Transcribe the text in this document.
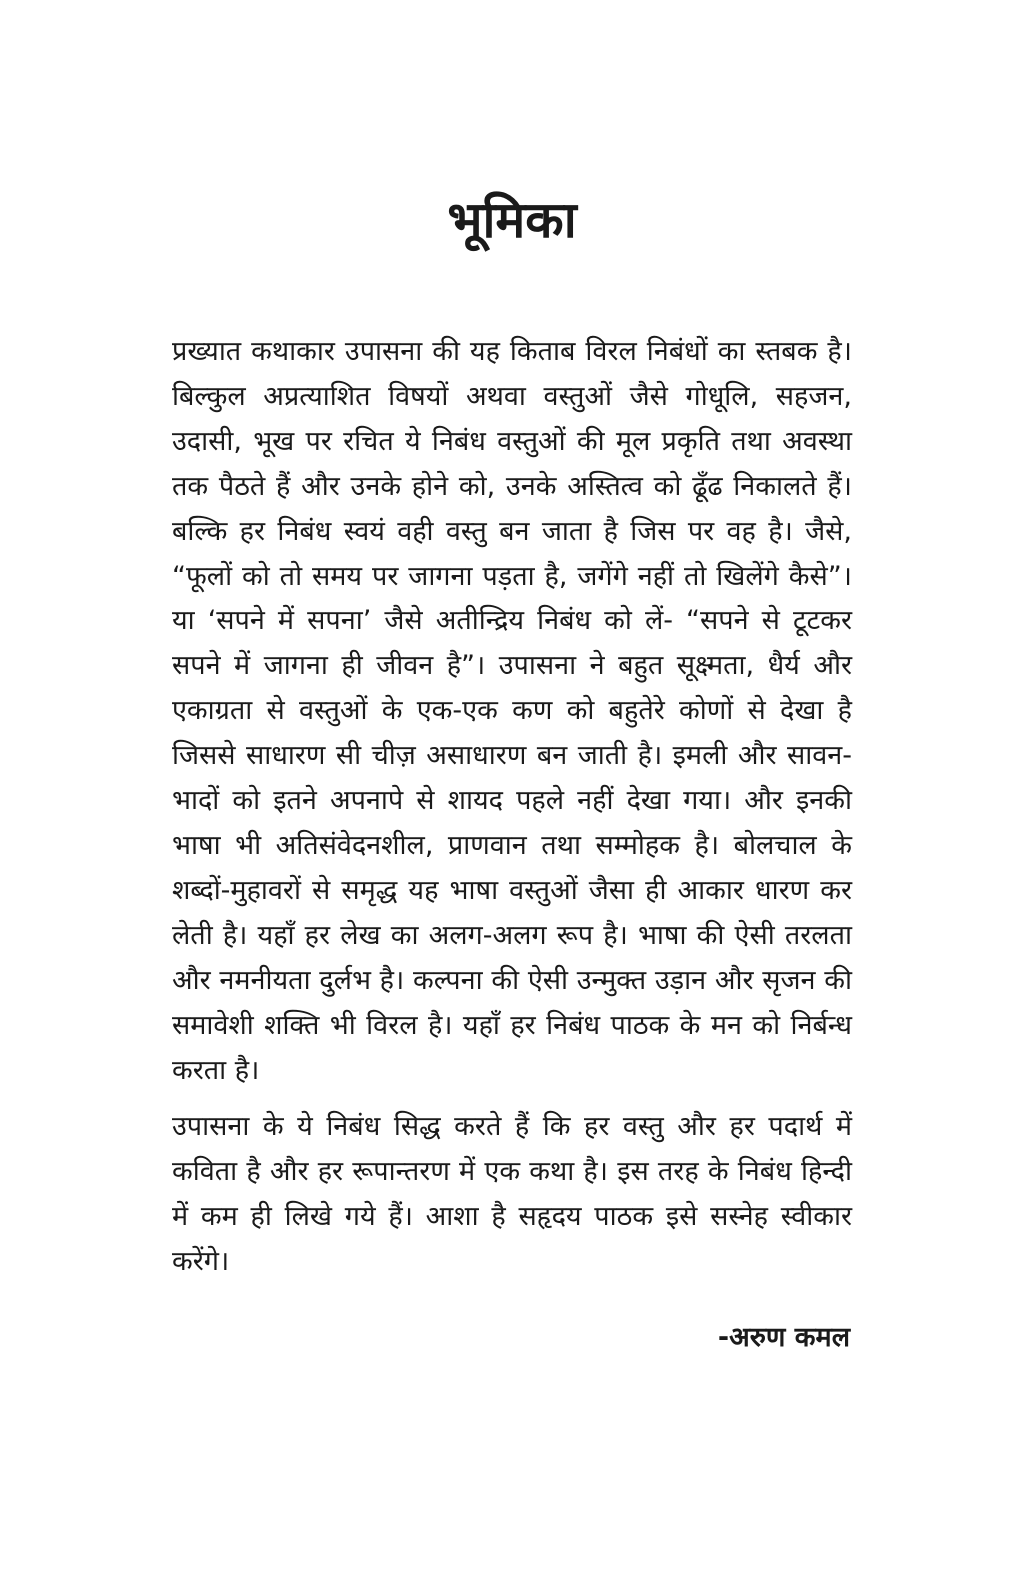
भूमिका

प्रख्यात कथाकार उपासना की यह किताब विरल निबंधों का स्तबक है। बिल्कुल अप्रत्याशित विषयों अथवा वस्तुओं जैसे गोधूलि, सहजन, उदासी, भूख पर रचित ये निबंध वस्तुओं की मूल प्रकृति तथा अवस्था तक पैठते हैं और उनके होने को, उनके अस्तित्व को ढूँढ निकालते हैं। बल्कि हर निबंध स्वयं वही वस्तु बन जाता है जिस पर वह है। जैसे, “फूलों को तो समय पर जागना पड़ता है, जगेंगे नहीं तो खिलेंगे कैसे”। या ‘सपने में सपना’ जैसे अतीन्द्रिय निबंध को लें- “सपने से टूटकर सपने में जागना ही जीवन है”। उपासना ने बहुत सूक्ष्मता, धैर्य और एकाग्रता से वस्तुओं के एक-एक कण को बहुतेरे कोणों से देखा है जिससे साधारण सी चीज़ असाधारण बन जाती है। इमली और सावन-भादों को इतने अपनापे से शायद पहले नहीं देखा गया। और इनकी भाषा भी अतिसंवेदनशील, प्राणवान तथा सम्मोहक है। बोलचाल के शब्दों-मुहावरों से समृद्ध यह भाषा वस्तुओं जैसा ही आकार धारण कर लेती है। यहाँ हर लेख का अलग-अलग रूप है। भाषा की ऐसी तरलता और नमनीयता दुर्लभ है। कल्पना की ऐसी उन्मुक्त उड़ान और सृजन की समावेशी शक्ति भी विरल है। यहाँ हर निबंध पाठक के मन को निर्बन्ध करता है।

उपासना के ये निबंध सिद्ध करते हैं कि हर वस्तु और हर पदार्थ में कविता है और हर रूपान्तरण में एक कथा है। इस तरह के निबंध हिन्दी में कम ही लिखे गये हैं। आशा है सहृदय पाठक इसे सस्नेह स्वीकार करेंगे।

-अरुण कमल
